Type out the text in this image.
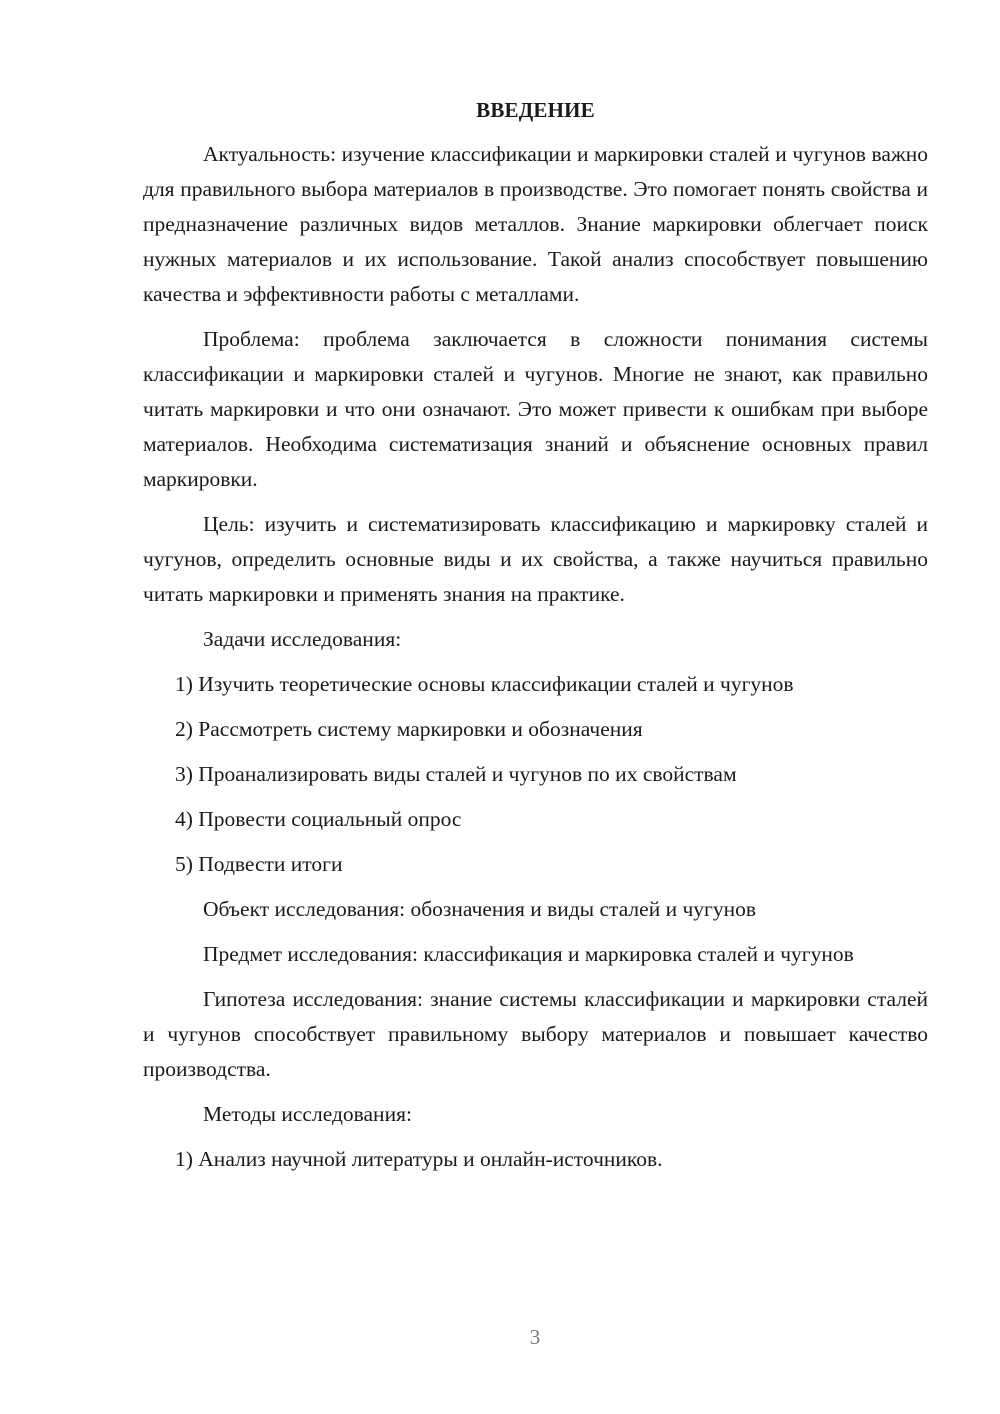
ВВЕДЕНИЕ

Актуальность: изучение классификации и маркировки сталей и чугунов важно для правильного выбора материалов в производстве. Это помогает понять свойства и предназначение различных видов металлов. Знание маркировки облегчает поиск нужных материалов и их использование. Такой анализ способствует повышению качества и эффективности работы с металлами.

Проблема: проблема заключается в сложности понимания системы классификации и маркировки сталей и чугунов. Многие не знают, как правильно читать маркировки и что они означают. Это может привести к ошибкам при выборе материалов. Необходима систематизация знаний и объяснение основных правил маркировки.

Цель: изучить и систематизировать классификацию и маркировку сталей и чугунов, определить основные виды и их свойства, а также научиться правильно читать маркировки и применять знания на практике.

Задачи исследования:
1) Изучить теоретические основы классификации сталей и чугунов
2) Рассмотреть систему маркировки и обозначения
3) Проанализировать виды сталей и чугунов по их свойствам
4) Провести социальный опрос
5) Подвести итоги
Объект исследования: обозначения и виды сталей и чугунов

Предмет исследования: классификация и маркировка сталей и чугунов

Гипотеза исследования: знание системы классификации и маркировки сталей и чугунов способствует правильному выбору материалов и повышает качество производства.

Методы исследования:
1) Анализ научной литературы и онлайн-источников.
3
